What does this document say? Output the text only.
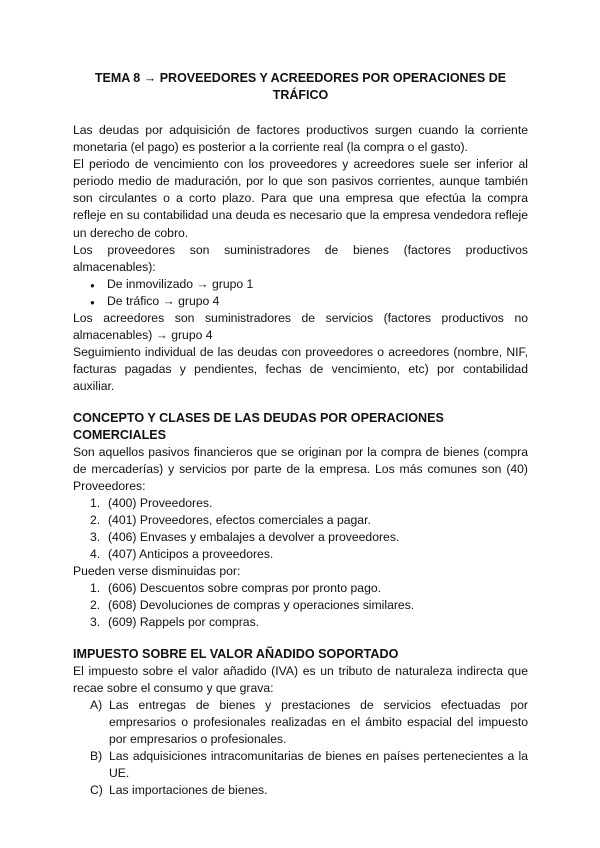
TEMA 8 → PROVEEDORES Y ACREEDORES POR OPERACIONES DE TRÁFICO

Las deudas por adquisición de factores productivos surgen cuando la corriente monetaria (el pago) es posterior a la corriente real (la compra o el gasto).

El periodo de vencimiento con los proveedores y acreedores suele ser inferior al periodo medio de maduración, por lo que son pasivos corrientes, aunque también son circulantes o a corto plazo. Para que una empresa que efectúa la compra refleje en su contabilidad una deuda es necesario que la empresa vendedora refleje un derecho de cobro.

Los proveedores son suministradores de bienes (factores productivos almacenables):

● De inmovilizado → grupo 1
● De tráfico → grupo 4

Los acreedores son suministradores de servicios (factores productivos no almacenables) → grupo 4

Seguimiento individual de las deudas con proveedores o acreedores (nombre, NIF, facturas pagadas y pendientes, fechas de vencimiento, etc) por contabilidad auxiliar.

CONCEPTO Y CLASES DE LAS DEUDAS POR OPERACIONES COMERCIALES

Son aquellos pasivos financieros que se originan por la compra de bienes (compra de mercaderías) y servicios por parte de la empresa. Los más comunes son (40) Proveedores:

1. (400) Proveedores.
2. (401) Proveedores, efectos comerciales a pagar.
3. (406) Envases y embalajes a devolver a proveedores.
4. (407) Anticipos a proveedores.

Pueden verse disminuidas por:

1. (606) Descuentos sobre compras por pronto pago.
2. (608) Devoluciones de compras y operaciones similares.
3. (609) Rappels por compras.
IMPUESTO SOBRE EL VALOR AÑADIDO SOPORTADO

El impuesto sobre el valor añadido (IVA) es un tributo de naturaleza indirecta que recae sobre el consumo y que grava:

A) Las entregas de bienes y prestaciones de servicios efectuadas por empresarios o profesionales realizadas en el ámbito espacial del impuesto por empresarios o profesionales.
B) Las adquisiciones intracomunitarias de bienes en países pertenecientes a la UE.
C) Las importaciones de bienes.
